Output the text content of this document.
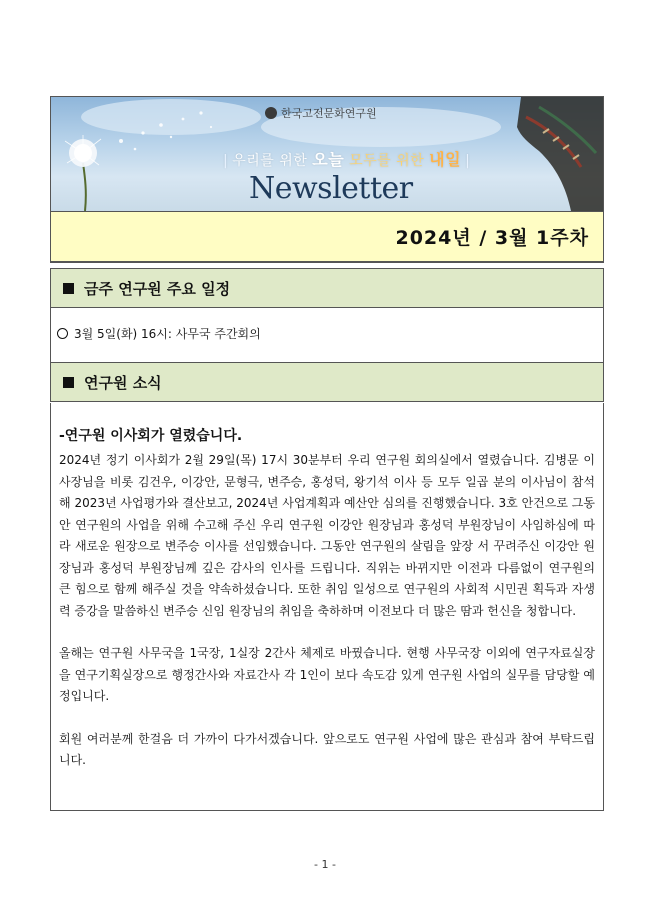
한국고전문화연구원
| 우리를 위한 오늘 모두를 위한 내일 |
Newsletter
2024년 / 3월 1주차
금주 연구원 주요 일정
3월 5일(화) 16시: 사무국 주간회의
연구원 소식
-연구원 이사회가 열렸습니다.

2024년 정기 이사회가 2월 29일(목) 17시 30분부터 우리 연구원 회의실에서 열렸습니다. 김병문 이사장님을 비롯 김건우, 이강안, 문형극, 변주승, 홍성덕, 왕기석 이사 등 모두 일곱 분의 이사님이 참석해 2023년 사업평가와 결산보고, 2024년 사업계획과 예산안 심의를 진행했습니다. 3호 안건으로 그동안 연구원의 사업을 위해 수고해 주신 우리 연구원 이강안 원장님과 홍성덕 부원장님이 사임하심에 따라 새로운 원장으로 변주승 이사를 선임했습니다. 그동안 연구원의 살림을 앞장 서 꾸려주신 이강안 원장님과 홍성덕 부원장님께 깊은 감사의 인사를 드립니다. 직위는 바뀌지만 이전과 다름없이 연구원의 큰 힘으로 함께 해주실 것을 약속하셨습니다. 또한 취임 일성으로 연구원의 사회적 시민권 획득과 자생력 증강을 말씀하신 변주승 신임 원장님의 취임을 축하하며 이전보다 더 많은 땀과 헌신을 청합니다.

올해는 연구원 사무국을 1국장, 1실장 2간사 체제로 바꿨습니다. 현행 사무국장 이외에 연구자료실장을 연구기획실장으로 행정간사와 자료간사 각 1인이 보다 속도감 있게 연구원 사업의 실무를 담당할 예정입니다.

회원 여러분께 한걸음 더 가까이 다가서겠습니다. 앞으로도 연구원 사업에 많은 관심과 참여 부탁드립니다.

- 1 -
